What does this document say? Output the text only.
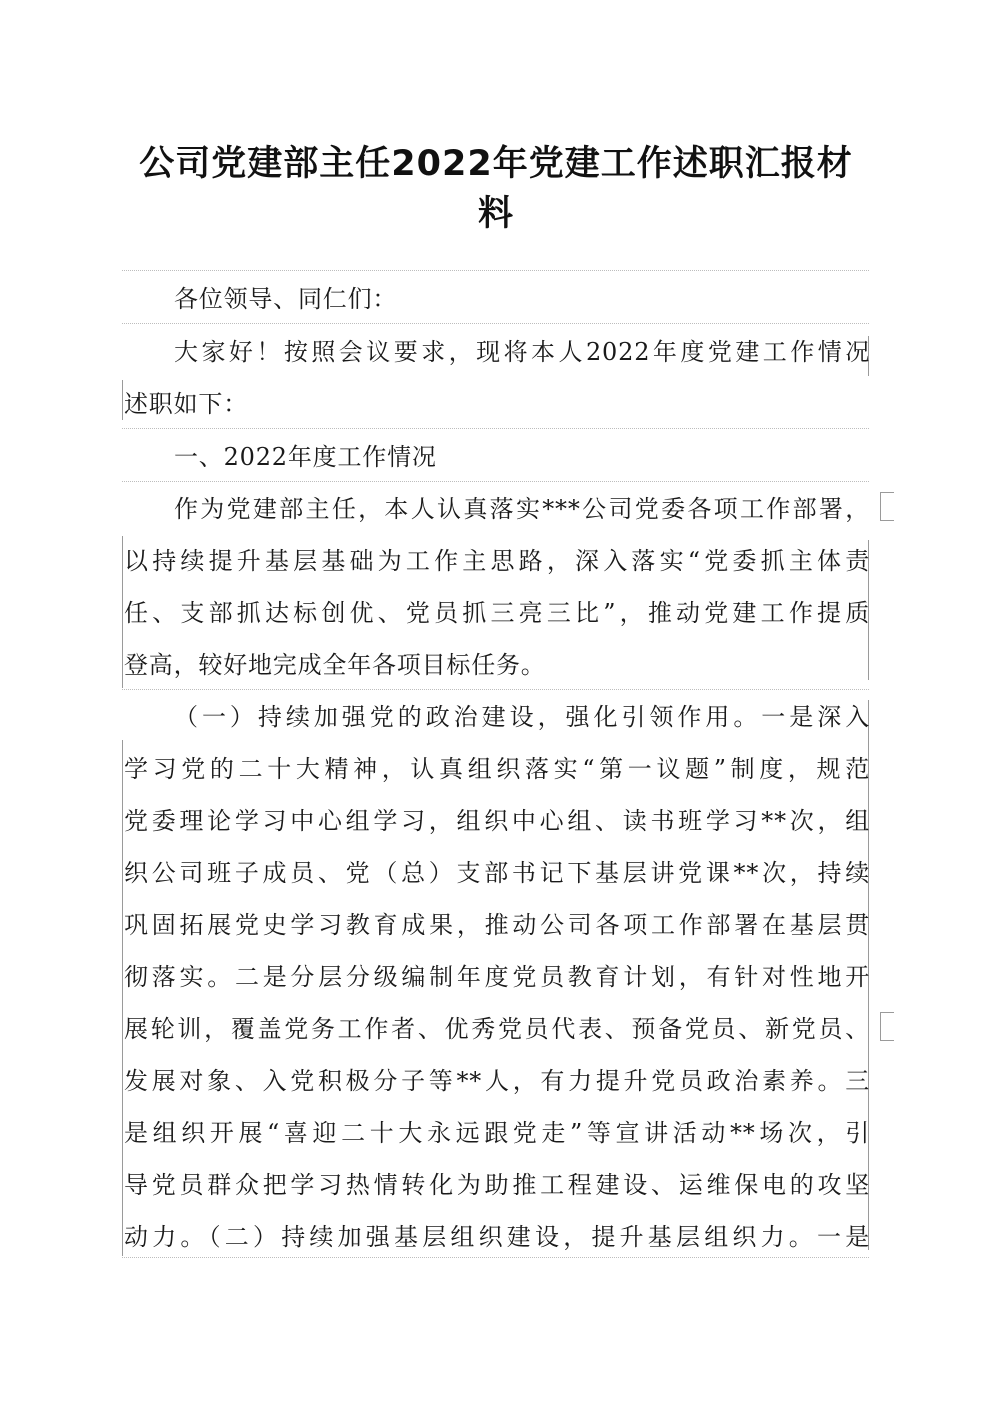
公司党建部主任2022年党建工作述职汇报材
料
各位领导、同仁们：
大家好！按照会议要求，现将本人2022年度党建工作情况
述职如下：
一、2022年度工作情况
作为党建部主任，本人认真落实***公司党委各项工作部署，
以持续提升基层基础为工作主思路，深入落实“党委抓主体责
任、支部抓达标创优、党员抓三亮三比”，推动党建工作提质
登高，较好地完成全年各项目标任务。
（一）持续加强党的政治建设，强化引领作用。一是深入
学习党的二十大精神，认真组织落实“第一议题”制度，规范
党委理论学习中心组学习，组织中心组、读书班学习**次，组
织公司班子成员、党（总）支部书记下基层讲党课**次，持续
巩固拓展党史学习教育成果，推动公司各项工作部署在基层贯
彻落实。二是分层分级编制年度党员教育计划，有针对性地开
展轮训，覆盖党务工作者、优秀党员代表、预备党员、新党员、
发展对象、入党积极分子等**人，有力提升党员政治素养。三
是组织开展“喜迎二十大永远跟党走”等宣讲活动**场次，引
导党员群众把学习热情转化为助推工程建设、运维保电的攻坚
动力。（二）持续加强基层组织建设，提升基层组织力。一是
